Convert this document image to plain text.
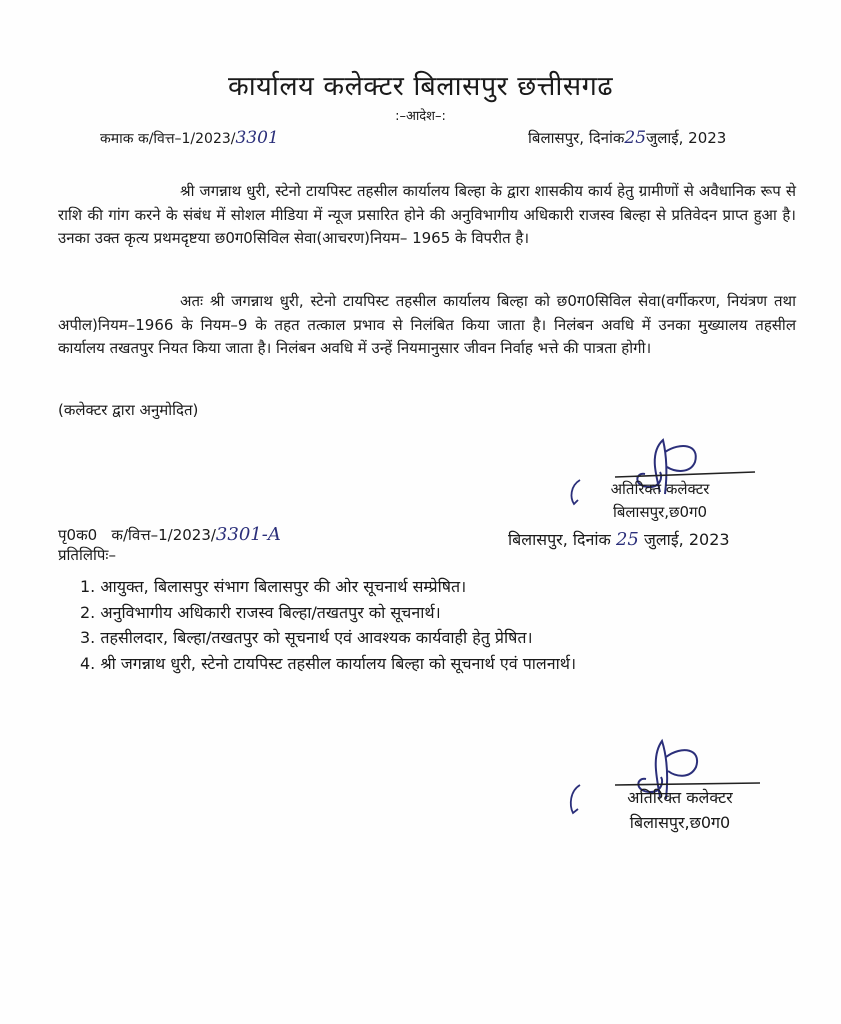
कार्यालय कलेक्टर बिलासपुर छत्तीसगढ
:–आदेश–:
कमाक क/वित्त–1/2023/3301	बिलासपुर, दिनांक25जुलाई, 2023
श्री जगन्नाथ धुरी, स्टेनो टायपिस्ट तहसील कार्यालय बिल्हा के द्वारा शासकीय कार्य हेतु ग्रामीणों से अवैधानिक रूप से राशि की गांग करने के संबंध में सोशल मीडिया में न्यूज प्रसारित होने की अनुविभागीय अधिकारी राजस्व बिल्हा से प्रतिवेदन प्राप्त हुआ है। उनका उक्त कृत्य प्रथमदृष्टया छ0ग0सिविल सेवा(आचरण)नियम– 1965 के विपरीत है।
अतः श्री जगन्नाथ धुरी, स्टेनो टायपिस्ट तहसील कार्यालय बिल्हा को छ0ग0सिविल सेवा(वर्गीकरण, नियंत्रण तथा अपील)नियम–1966 के नियम–9 के तहत तत्काल प्रभाव से निलंबित किया जाता है। निलंबन अवधि में उनका मुख्यालय तहसील कार्यालय तखतपुर नियत किया जाता है। निलंबन अवधि में उन्हें नियमानुसार जीवन निर्वाह भत्ते की पात्रता होगी।
(कलेक्टर द्वारा अनुमोदित)
अतिरिक्त कलेक्टर
बिलासपुर,छ0ग0
पृ0क0   क/वित्त–1/2023/3301-A	बिलासपुर, दिनांक 25 जुलाई, 2023
प्रतिलिपिः–
1. आयुक्त, बिलासपुर संभाग बिलासपुर की ओर सूचनार्थ सम्प्रेषित।
2. अनुविभागीय अधिकारी राजस्व बिल्हा/तखतपुर को सूचनार्थ।
3. तहसीलदार, बिल्हा/तखतपुर को सूचनार्थ एवं आवश्यक कार्यवाही हेतु प्रेषित।
4. श्री जगन्नाथ धुरी, स्टेनो टायपिस्ट तहसील कार्यालय बिल्हा को सूचनार्थ एवं पालनार्थ।
अतिरिक्त कलेक्टर
बिलासपुर,छ0ग0
